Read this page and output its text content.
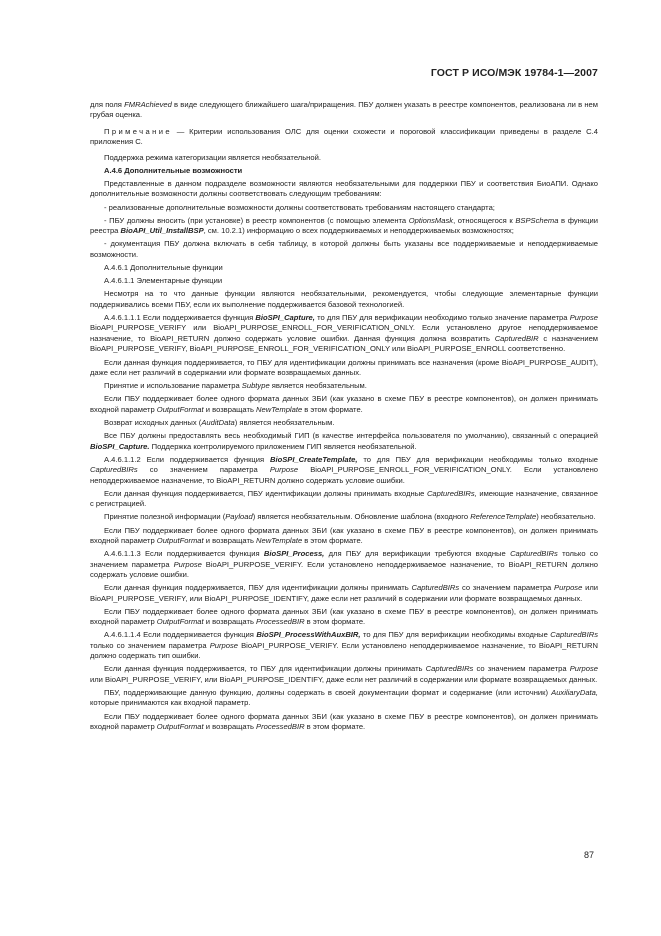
ГОСТ Р ИСО/МЭК 19784-1—2007

для поля FMRAchieved в виде следующего ближайшего шага/приращения. ПБУ должен указать в реестре компонентов, реализована ли в нем грубая оценка.

Примечание — Критерии использования ОЛС для оценки схожести и пороговой классификации приведены в разделе С.4 приложения С.

Поддержка режима категоризации является необязательной.

А.4.6 Дополнительные возможности

Представленные в данном подразделе возможности являются необязательными для поддержки ПБУ и соответствия БиоАПИ. Однако дополнительные возможности должны соответствовать следующим требованиям:

- реализованные дополнительные возможности должны соответствовать требованиям настоящего стандарта;

- ПБУ должны вносить (при установке) в реестр компонентов (с помощью элемента OptionsMask, относящегося к BSPSchema в функции реестра BioAPI_Util_InstallBSP, см. 10.2.1) информацию о всех поддерживаемых и неподдерживаемых возможностях;

- документация ПБУ должна включать в себя таблицу, в которой должны быть указаны все поддерживаемые и неподдерживаемые возможности.

А.4.6.1 Дополнительные функции

А.4.6.1.1 Элементарные функции

Несмотря на то что данные функции являются необязательными, рекомендуется, чтобы следующие элементарные функции поддерживались всеми ПБУ, если их выполнение поддерживается базовой технологией.

А.4.6.1.1.1 Если поддерживается функция BioSPI_Capture, то для ПБУ для верификации необходимо только значение параметра Purpose BioAPI_PURPOSE_VERIFY или BioAPI_PURPOSE_ENROLL_FOR_VERIFICATION_ONLY. Если установлено другое неподдерживаемое назначение, то BioAPI_RETURN должно содержать условие ошибки. Данная функция должна возвратить CapturedBIR с назначением BioAPI_PURPOSE_VERIFY, BioAPI_PURPOSE_ENROLL_FOR_VERIFICATION_ONLY или BioAPI_PURPOSE_ENROLL соответственно.

Если данная функция поддерживается, то ПБУ для идентификации должны принимать все назначения (кроме BioAPI_PURPOSE_AUDIT), даже если нет различий в содержании или формате возвращаемых данных.

Принятие и использование параметра Subtype является необязательным.

Если ПБУ поддерживает более одного формата данных ЗБИ (как указано в схеме ПБУ в реестре компонентов), он должен принимать входной параметр OutputFormat и возвращать NewTemplate в этом формате.

Возврат исходных данных (AuditData) является необязательным.

Все ПБУ должны предоставлять весь необходимый ГИП (в качестве интерфейса пользователя по умолчанию), связанный с операцией BioSPI_Capture. Поддержка контролируемого приложением ГИП является необязательной.

А.4.6.1.1.2 Если поддерживается функция BioSPI_CreateTemplate, то для ПБУ для верификации необходимы только входные CapturedBIRs со значением параметра Purpose BioAPI_PURPOSE_ENROLL_FOR_VERIFICATION_ONLY. Если установлено неподдерживаемое назначение, то BioAPI_RETURN должно содержать условие ошибки.

Если данная функция поддерживается, ПБУ идентификации должны принимать входные CapturedBIRs, имеющие назначение, связанное с регистрацией.

Принятие полезной информации (Payload) является необязательным. Обновление шаблона (входного ReferenceTemplate) необязательно.

Если ПБУ поддерживает более одного формата данных ЗБИ (как указано в схеме ПБУ в реестре компонентов), он должен принимать входной параметр OutputFormat и возвращать NewTemplate в этом формате.

А.4.6.1.1.3 Если поддерживается функция BioSPI_Process, для ПБУ для верификации требуются входные CapturedBIRs только со значением параметра Purpose BioAPI_PURPOSE_VERIFY. Если установлено неподдерживаемое назначение, то BioAPI_RETURN должно содержать условие ошибки.

Если данная функция поддерживается, ПБУ для идентификации должны принимать CapturedBIRs со значением параметра Purpose или BioAPI_PURPOSE_VERIFY, или BioAPI_PURPOSE_IDENTIFY, даже если нет различий в содержании или формате возвращаемых данных.

Если ПБУ поддерживает более одного формата данных ЗБИ (как указано в схеме ПБУ в реестре компонентов), он должен принимать входной параметр OutputFormat и возвращать ProcessedBIR в этом формате.

А.4.6.1.1.4 Если поддерживается функция BioSPI_ProcessWithAuxBIR, то для ПБУ для верификации необходимы входные CapturedBIRs только со значением параметра Purpose BioAPI_PURPOSE_VERIFY. Если установлено неподдерживаемое назначение, то BioAPI_RETURN должно содержать тип ошибки.

Если данная функция поддерживается, то ПБУ для идентификации должны принимать CapturedBIRs со значением параметра Purpose или BioAPI_PURPOSE_VERIFY, или BioAPI_PURPOSE_IDENTIFY, даже если нет различий в содержании или формате возвращаемых данных.

ПБУ, поддерживающие данную функцию, должны содержать в своей документации формат и содержание (или источник) AuxiliaryData, которые принимаются как входной параметр.

Если ПБУ поддерживает более одного формата данных ЗБИ (как указано в схеме ПБУ в реестре компонентов), он должен принимать входной параметр OutputFormat и возвращать ProcessedBIR в этом формате.

87
